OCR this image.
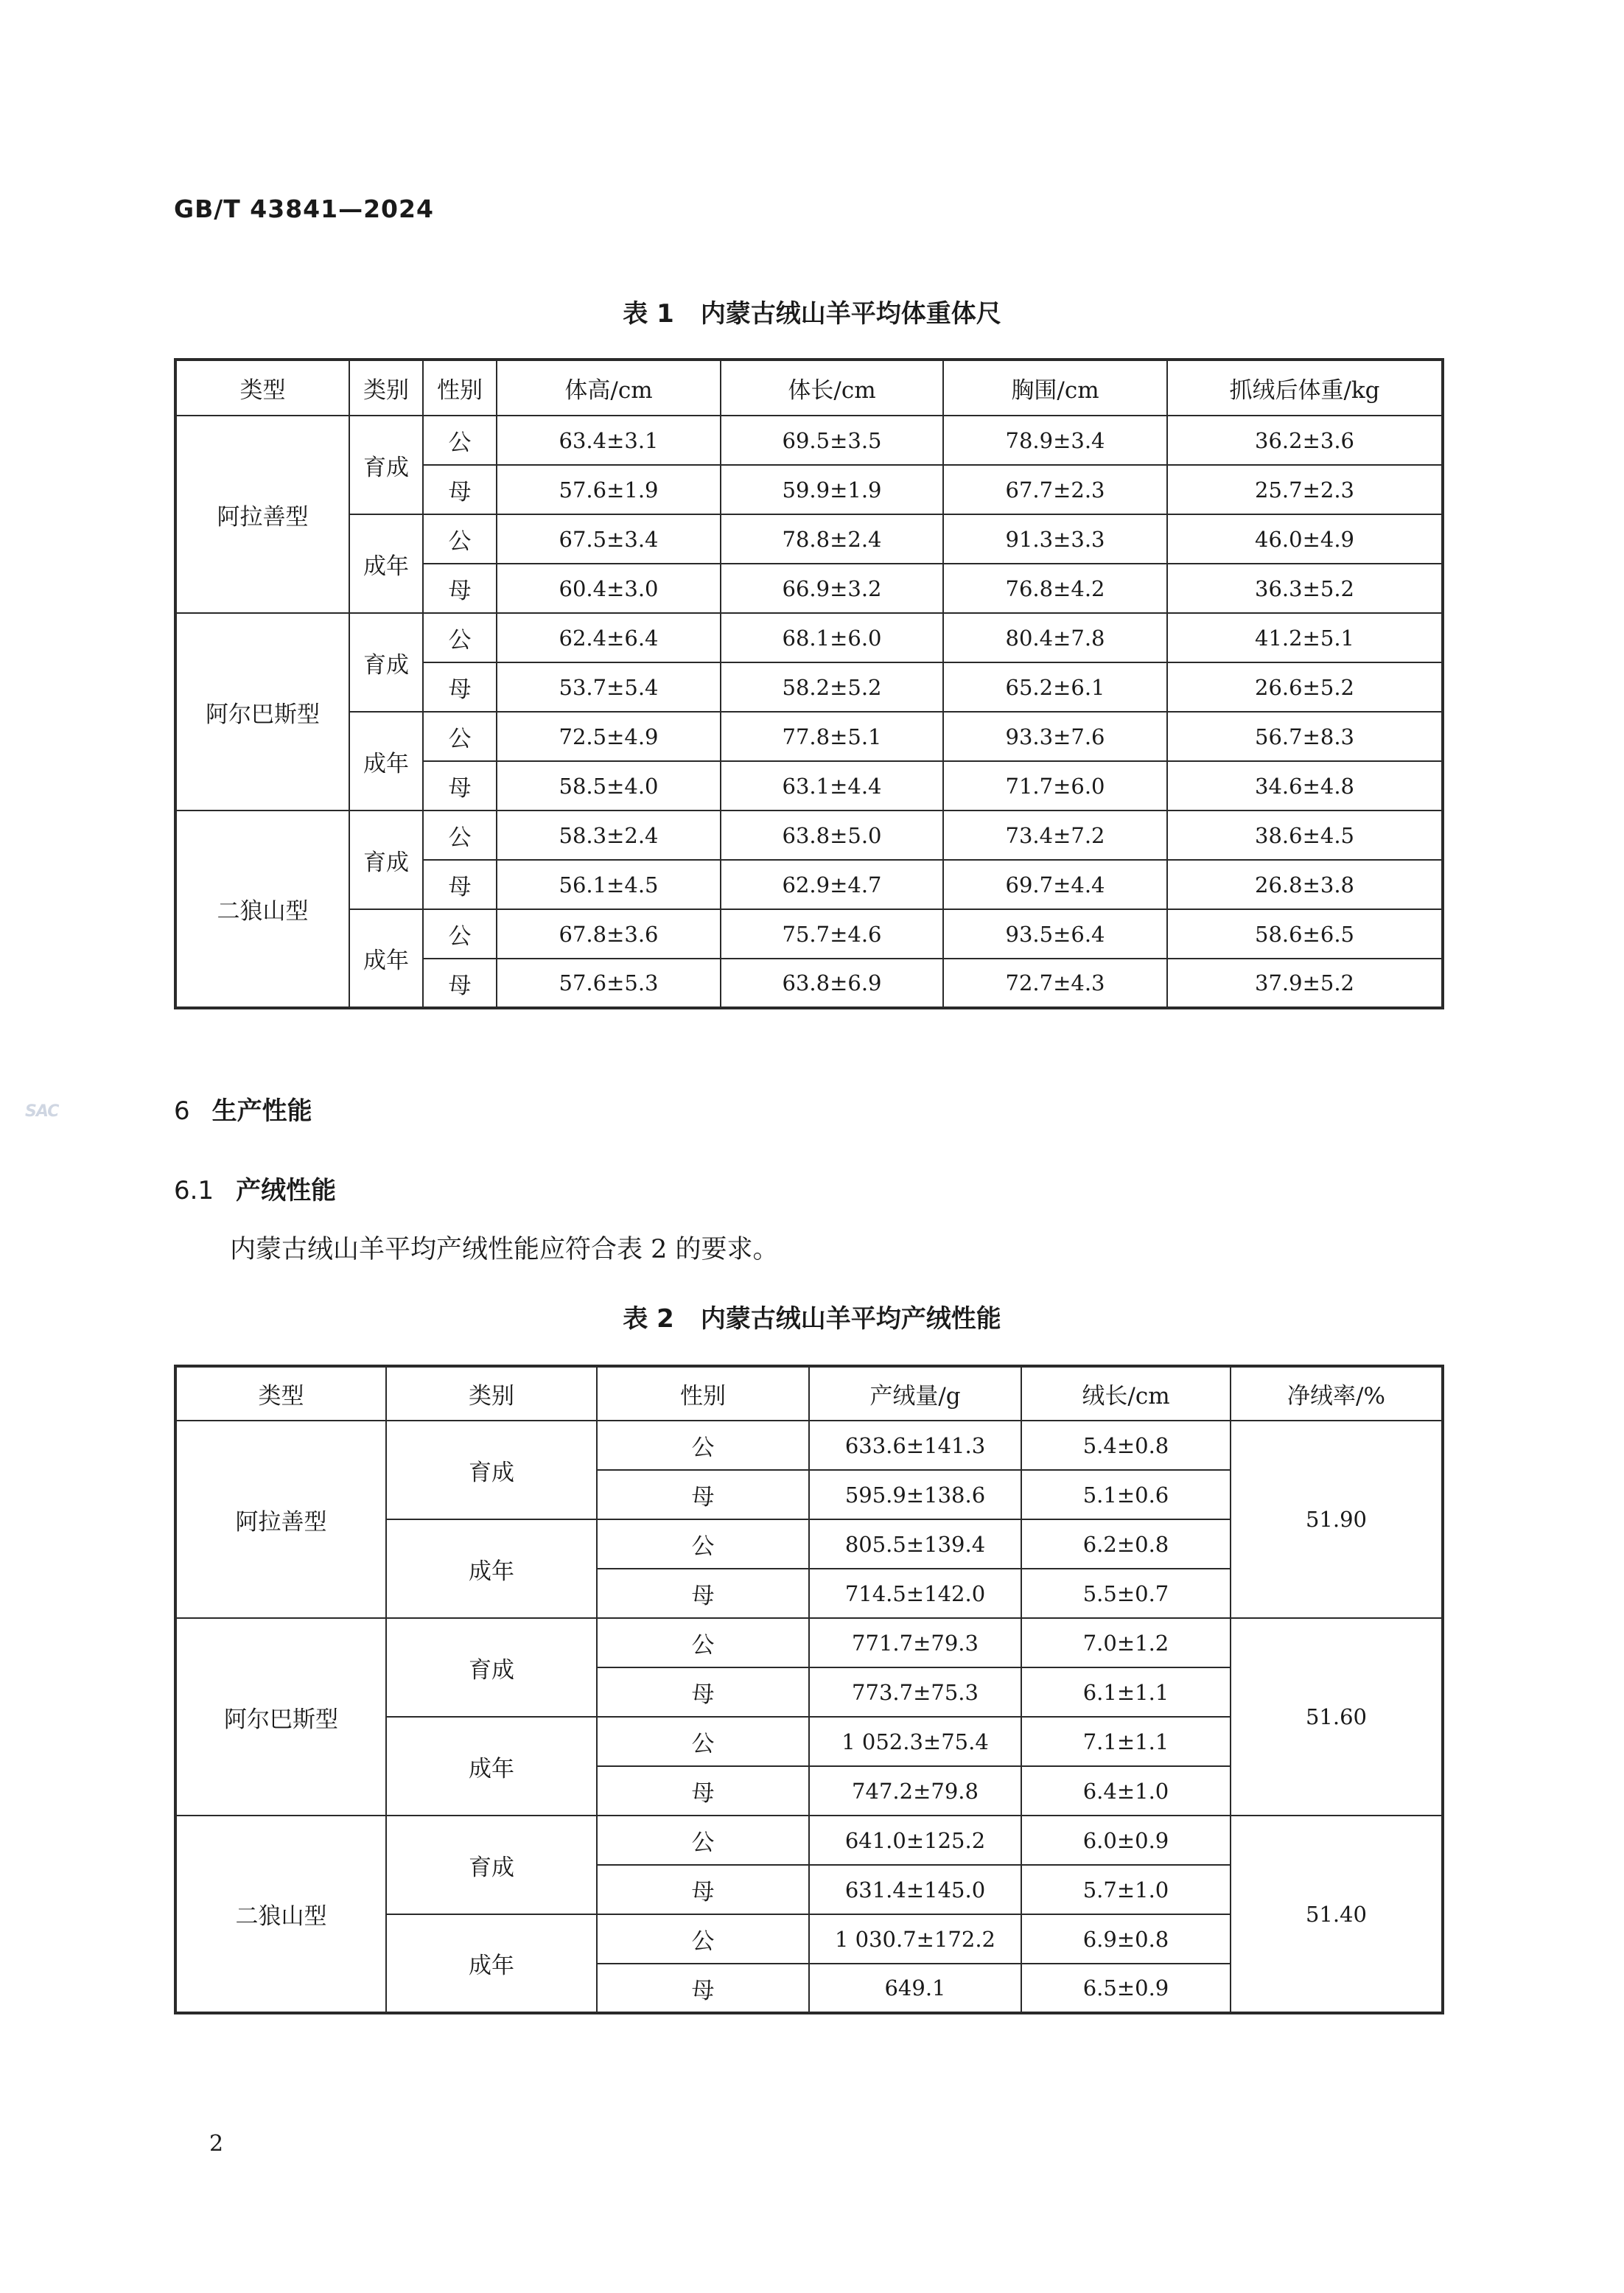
GB/T 43841—2024
SAC
表 1 内蒙古绒山羊平均体重体尺
类型	类别	性别	体高/cm	体长/cm	胸围/cm	抓绒后体重/kg
阿拉善型	育成	公	63.4±3.1	69.5±3.5	78.9±3.4	36.2±3.6
		母	57.6±1.9	59.9±1.9	67.7±2.3	25.7±2.3
	成年	公	67.5±3.4	78.8±2.4	91.3±3.3	46.0±4.9
		母	60.4±3.0	66.9±3.2	76.8±4.2	36.3±5.2
阿尔巴斯型	育成	公	62.4±6.4	68.1±6.0	80.4±7.8	41.2±5.1
		母	53.7±5.4	58.2±5.2	65.2±6.1	26.6±5.2
	成年	公	72.5±4.9	77.8±5.1	93.3±7.6	56.7±8.3
		母	58.5±4.0	63.1±4.4	71.7±6.0	34.6±4.8
二狼山型	育成	公	58.3±2.4	63.8±5.0	73.4±7.2	38.6±4.5
		母	56.1±4.5	62.9±4.7	69.7±4.4	26.8±3.8
	成年	公	67.8±3.6	75.7±4.6	93.5±6.4	58.6±6.5
		母	57.6±5.3	63.8±6.9	72.7±4.3	37.9±5.2
6 生产性能
6.1 产绒性能
内蒙古绒山羊平均产绒性能应符合表 2 的要求。
表 2 内蒙古绒山羊平均产绒性能
类型	类别	性别	产绒量/g	绒长/cm	净绒率/%
阿拉善型	育成	公	633.6±141.3	5.4±0.8	51.90
		母	595.9±138.6	5.1±0.6	
	成年	公	805.5±139.4	6.2±0.8	
		母	714.5±142.0	5.5±0.7	
阿尔巴斯型	育成	公	771.7±79.3	7.0±1.2	51.60
		母	773.7±75.3	6.1±1.1	
	成年	公	1 052.3±75.4	7.1±1.1	
		母	747.2±79.8	6.4±1.0	
二狼山型	育成	公	641.0±125.2	6.0±0.9	51.40
		母	631.4±145.0	5.7±1.0	
	成年	公	1 030.7±172.2	6.9±0.8	
		母	649.1	6.5±0.9	
2
